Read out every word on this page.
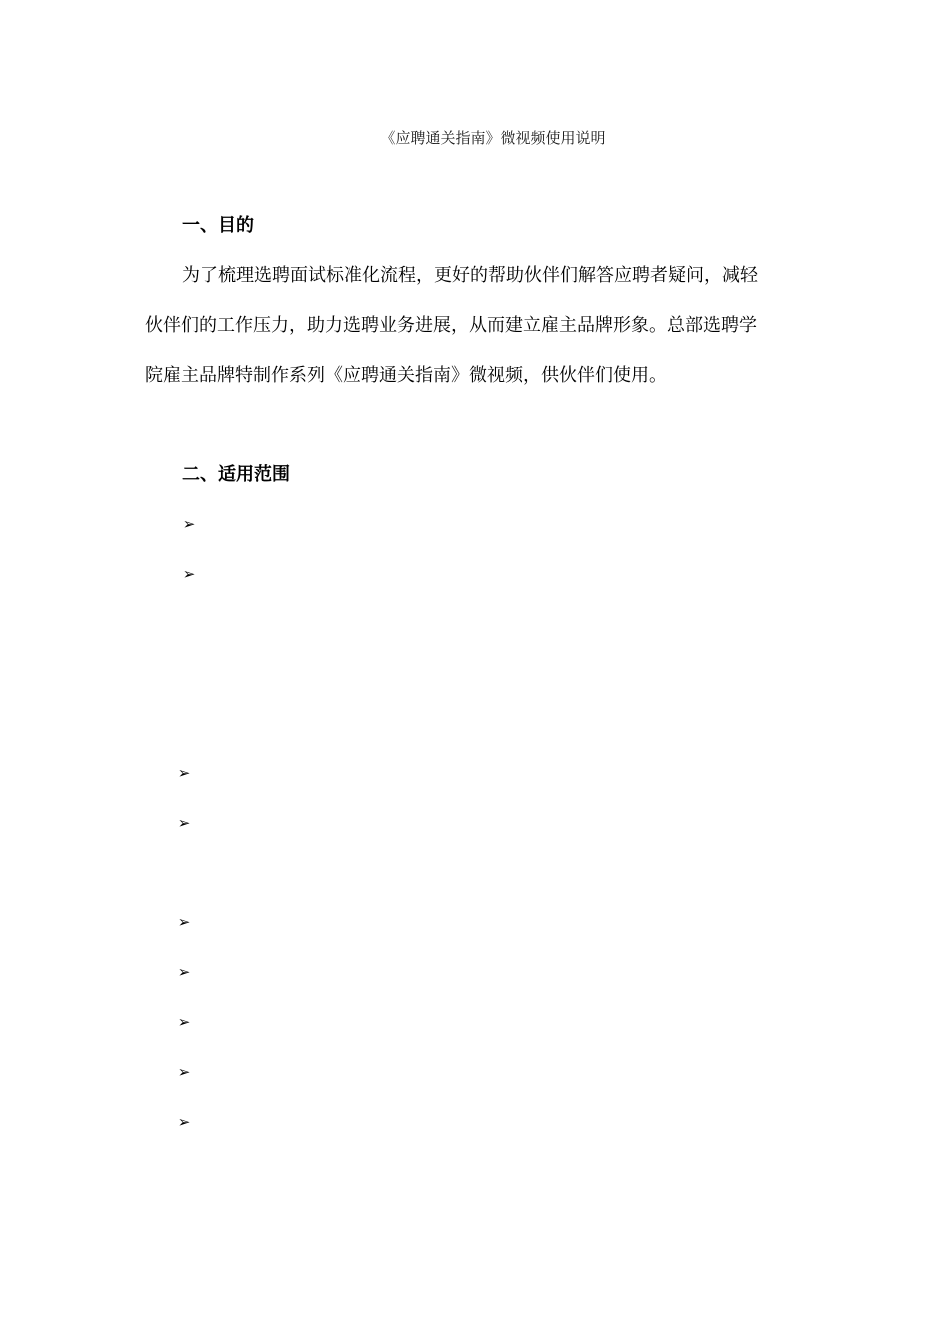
《应聘通关指南》微视频使用说明
一、目的
为了梳理选聘面试标准化流程，更好的帮助伙伴们解答应聘者疑问，减轻
伙伴们的工作压力，助力选聘业务进展，从而建立雇主品牌形象。总部选聘学
院雇主品牌特制作系列《应聘通关指南》微视频，供伙伴们使用。
二、适用范围
➢
➢
➢
➢
➢
➢
➢
➢
➢
